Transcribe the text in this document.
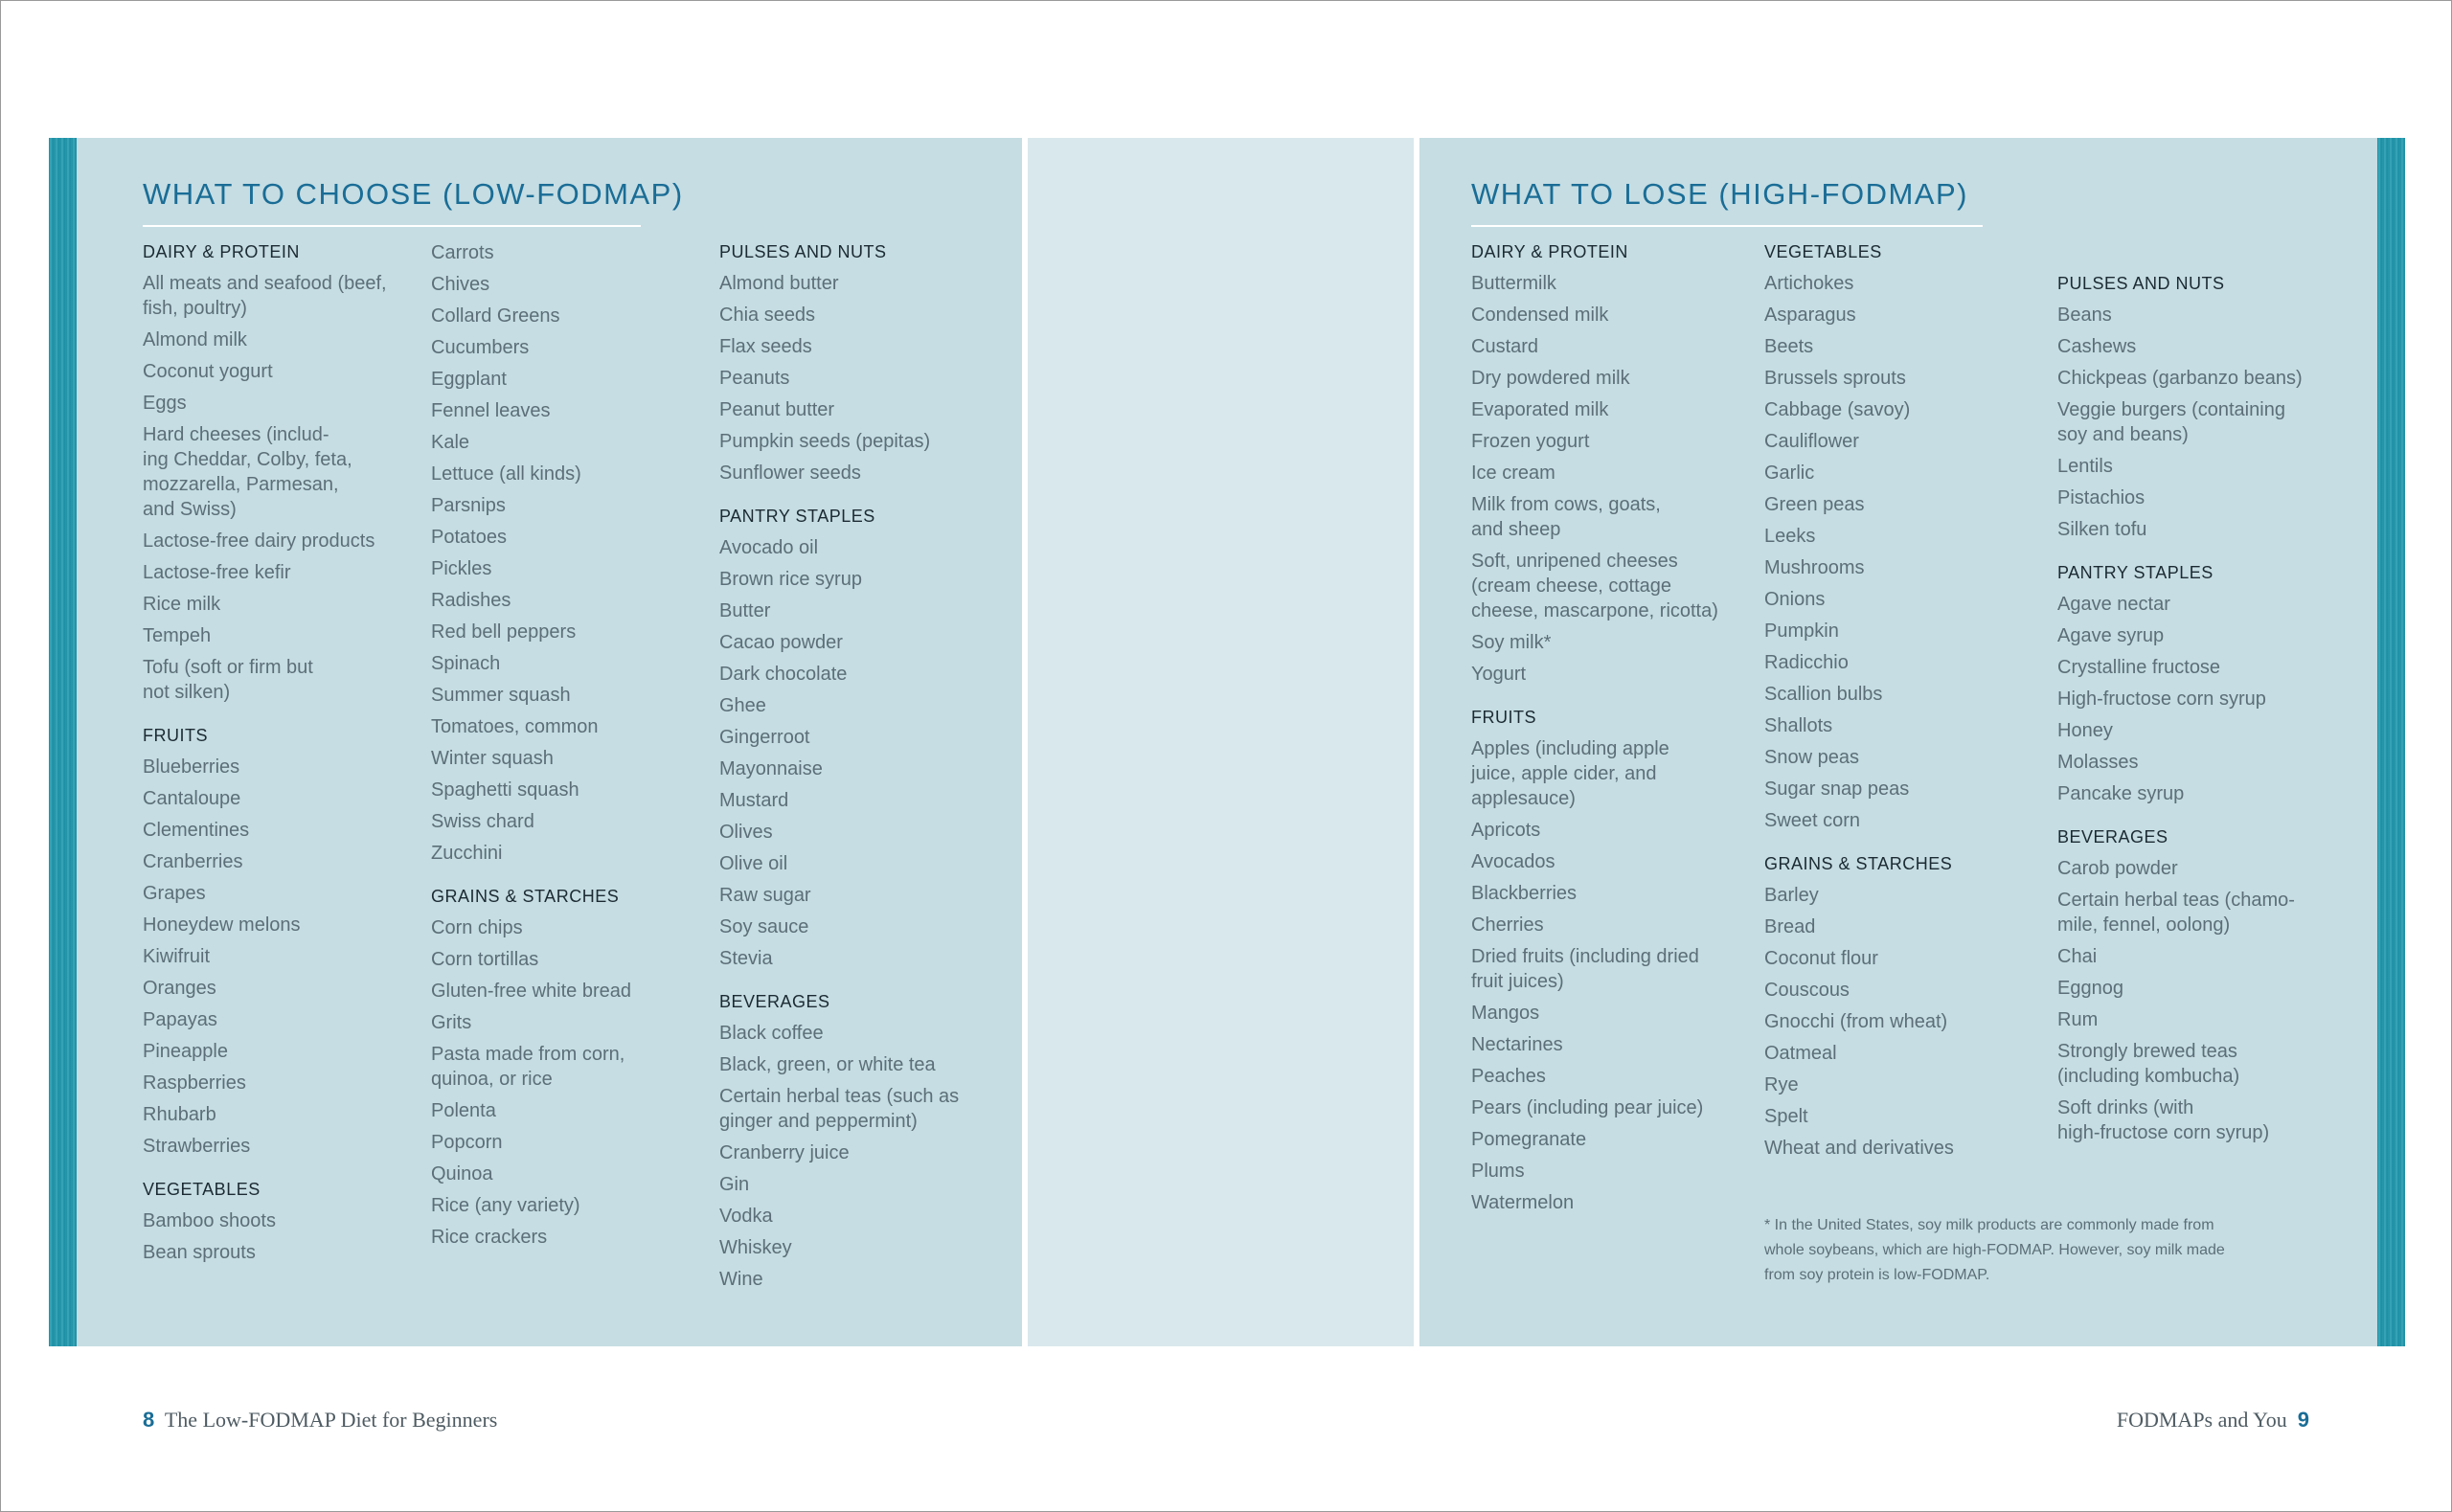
WHAT TO CHOOSE (LOW-FODMAP)	WHAT TO LOSE (HIGH-FODMAP)
DAIRY & PROTEIN
All meats and seafood (beef,
fish, poultry)
Almond milk
Coconut yogurt
Eggs
Hard cheeses (includ-
ing Cheddar, Colby, feta,
mozzarella, Parmesan,
and Swiss)
Lactose-free dairy products
Lactose-free kefir
Rice milk
Tempeh
Tofu (soft or firm but
not silken)
FRUITS
Blueberries
Cantaloupe
Clementines
Cranberries
Grapes
Honeydew melons
Kiwifruit
Oranges
Papayas
Pineapple
Raspberries
Rhubarb
Strawberries
VEGETABLES
Bamboo shoots
Bean sprouts
Carrots
Chives
Collard Greens
Cucumbers
Eggplant
Fennel leaves
Kale
Lettuce (all kinds)
Parsnips
Potatoes
Pickles
Radishes
Red bell peppers
Spinach
Summer squash
Tomatoes, common
Winter squash
Spaghetti squash
Swiss chard
Zucchini
GRAINS & STARCHES
Corn chips
Corn tortillas
Gluten-free white bread
Grits
Pasta made from corn,
quinoa, or rice
Polenta
Popcorn
Quinoa
Rice (any variety)
Rice crackers
PULSES AND NUTS
Almond butter
Chia seeds
Flax seeds
Peanuts
Peanut butter
Pumpkin seeds (pepitas)
Sunflower seeds
PANTRY STAPLES
Avocado oil
Brown rice syrup
Butter
Cacao powder
Dark chocolate
Ghee
Gingerroot
Mayonnaise
Mustard
Olives
Olive oil
Raw sugar
Soy sauce
Stevia
BEVERAGES
Black coffee
Black, green, or white tea
Certain herbal teas (such as
ginger and peppermint)
Cranberry juice
Gin
Vodka
Whiskey
Wine
DAIRY & PROTEIN
Buttermilk
Condensed milk
Custard
Dry powdered milk
Evaporated milk
Frozen yogurt
Ice cream
Milk from cows, goats,
and sheep
Soft, unripened cheeses
(cream cheese, cottage
cheese, mascarpone, ricotta)
Soy milk*
Yogurt
FRUITS
Apples (including apple
juice, apple cider, and
applesauce)
Apricots
Avocados
Blackberries
Cherries
Dried fruits (including dried
fruit juices)
Mangos
Nectarines
Peaches
Pears (including pear juice)
Pomegranate
Plums
Watermelon
VEGETABLES
Artichokes
Asparagus
Beets
Brussels sprouts
Cabbage (savoy)
Cauliflower
Garlic
Green peas
Leeks
Mushrooms
Onions
Pumpkin
Radicchio
Scallion bulbs
Shallots
Snow peas
Sugar snap peas
Sweet corn
GRAINS & STARCHES
Barley
Bread
Coconut flour
Couscous
Gnocchi (from wheat)
Oatmeal
Rye
Spelt
Wheat and derivatives
PULSES AND NUTS
Beans
Cashews
Chickpeas (garbanzo beans)
Veggie burgers (containing
soy and beans)
Lentils
Pistachios
Silken tofu
PANTRY STAPLES
Agave nectar
Agave syrup
Crystalline fructose
High-fructose corn syrup
Honey
Molasses
Pancake syrup
BEVERAGES
Carob powder
Certain herbal teas (chamo-
mile, fennel, oolong)
Chai
Eggnog
Rum
Strongly brewed teas
(including kombucha)
Soft drinks (with
high-fructose corn syrup)
* In the United States, soy milk products are commonly made from
whole soybeans, which are high-FODMAP. However, soy milk made
from soy protein is low-FODMAP.
8 The Low-FODMAP Diet for Beginners	FODMAPs and You 9
